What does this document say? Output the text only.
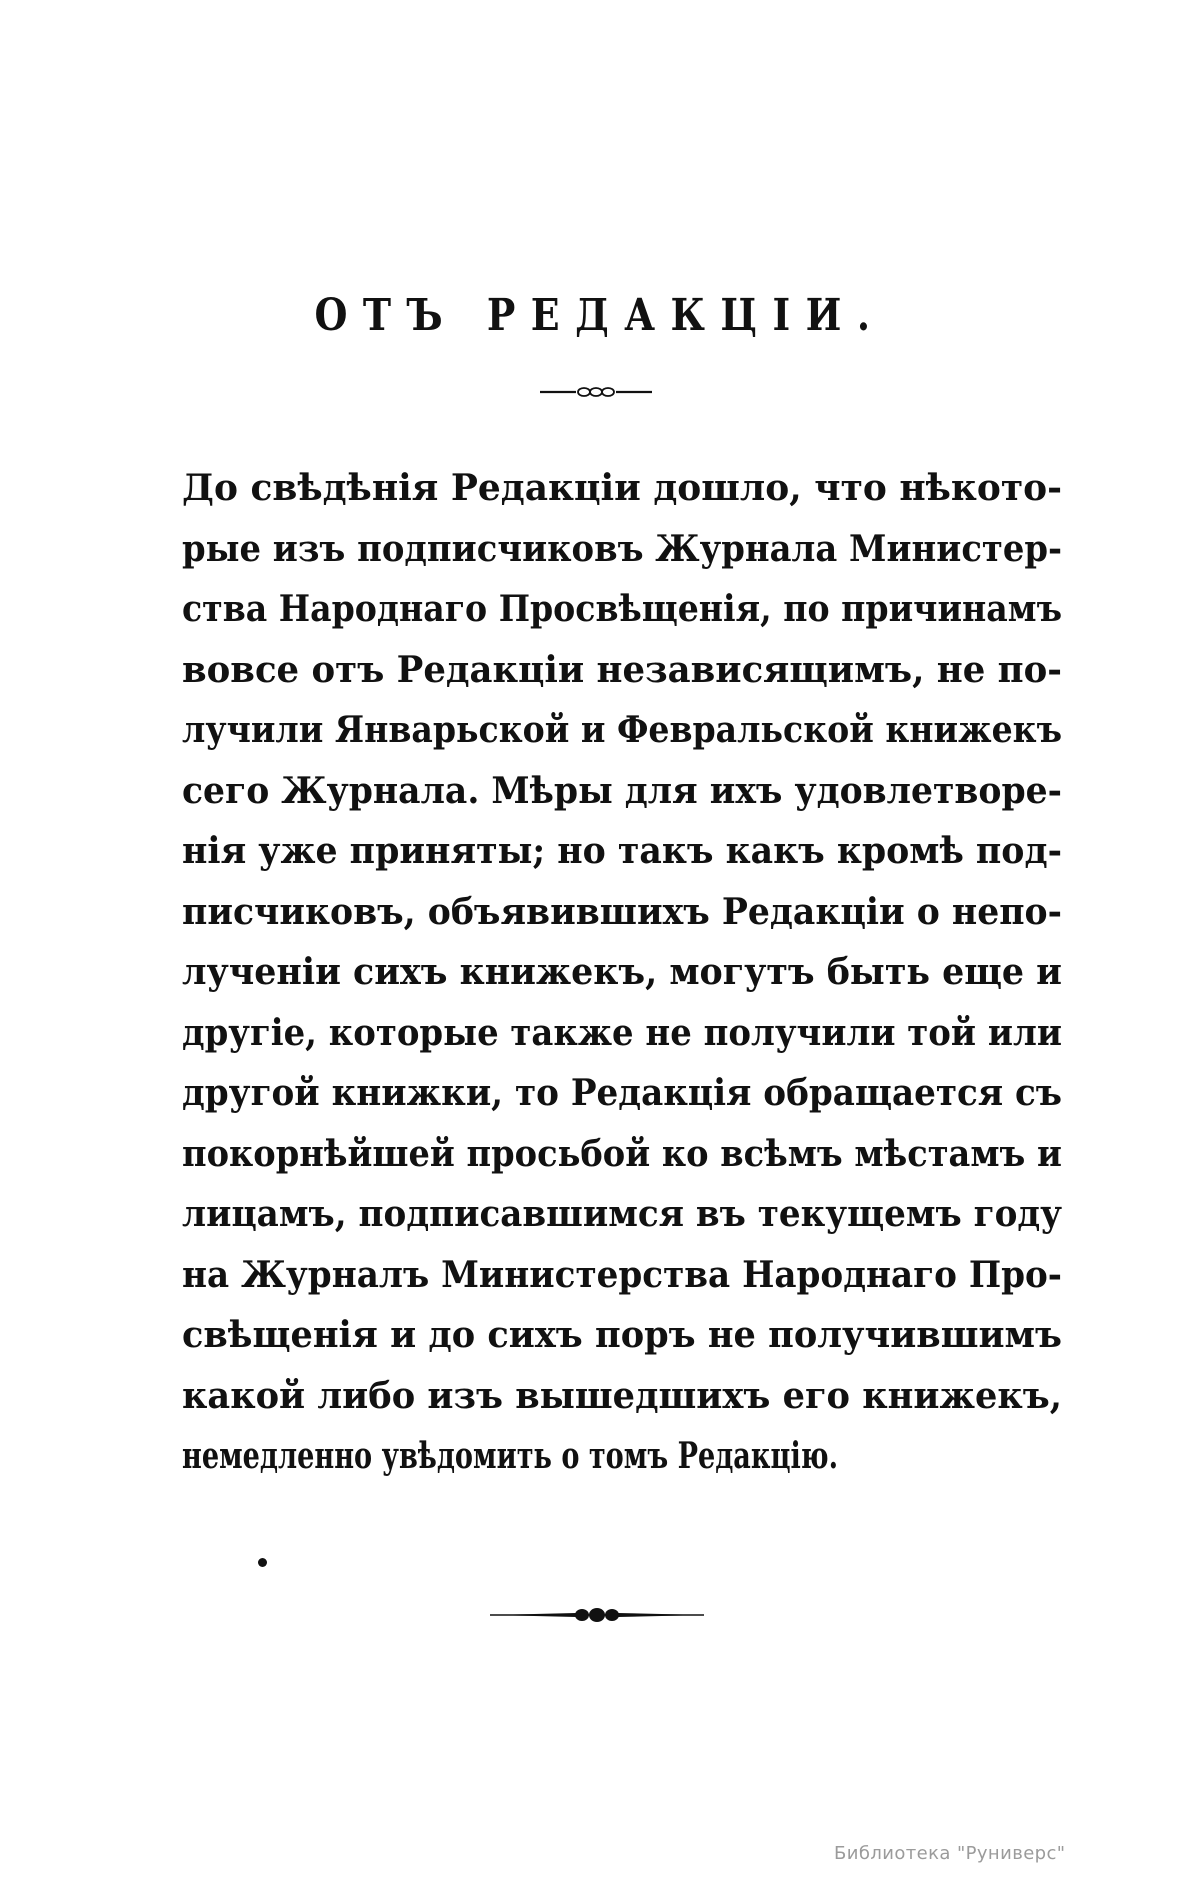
ОТЪ РЕДАКЦІИ.
До свѣдѣнія Редакціи дошло, что нѣкото-
рые изъ подписчиковъ Журнала Министер-
ства Народнаго Просвѣщенія, по причинамъ
вовсе отъ Редакціи независящимъ, не по-
лучили Январьской и Февральской книжекъ
сего Журнала. Мѣры для ихъ удовлетворе-
нія уже приняты; но такъ какъ кромѣ под-
писчиковъ, объявившихъ Редакціи о непо-
лученіи сихъ книжекъ, могутъ быть еще и
другіе, которые также не получили той или
другой книжки, то Редакція обращается съ
покорнѣйшей просьбой ко всѣмъ мѣстамъ и
лицамъ, подписавшимся въ текущемъ году
на Журналъ Министерства Народнаго Про-
свѣщенія и до сихъ поръ не получившимъ
какой либо изъ вышедшихъ его книжекъ,
немедленно увѣдомить о томъ Редакцію.
Библиотека "Руниверс"
